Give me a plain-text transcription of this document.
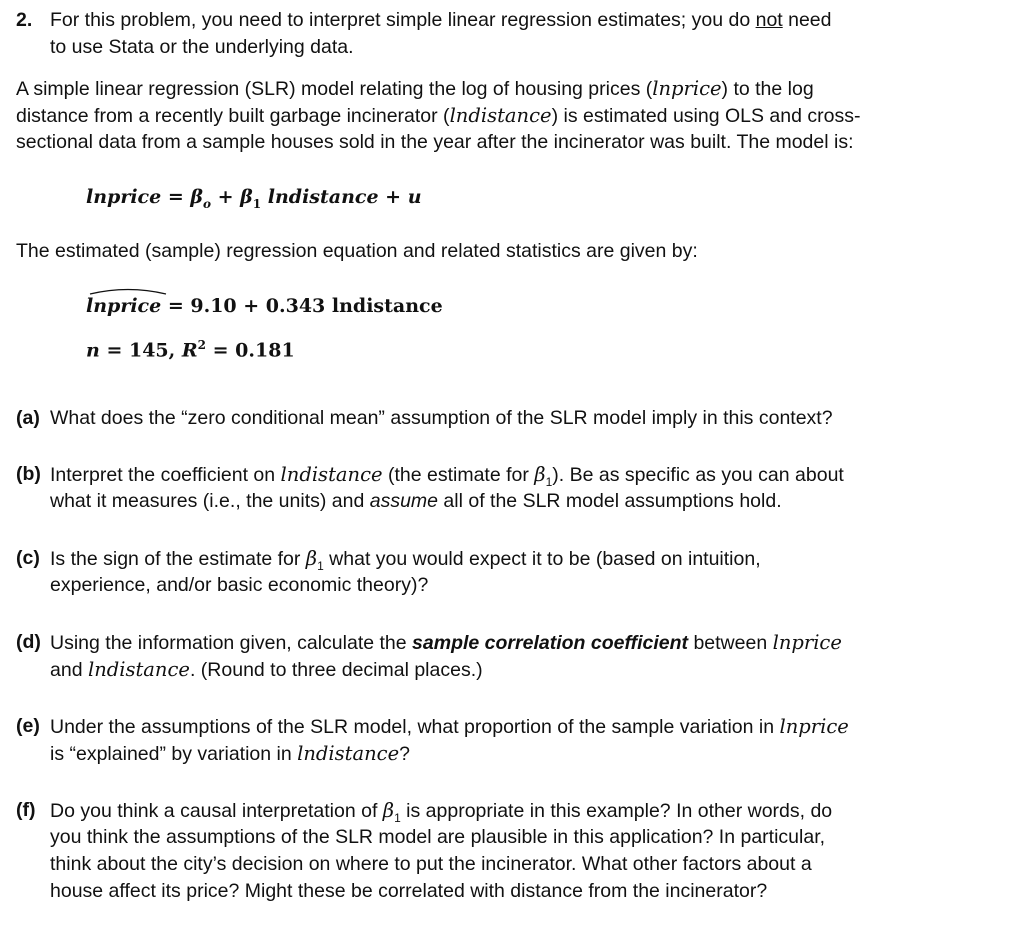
2. For this problem, you need to interpret simple linear regression estimates; you do not need
to use Stata or the underlying data.
A simple linear regression (SLR) model relating the log of housing prices (lnprice) to the log
distance from a recently built garbage incinerator (lndistance) is estimated using OLS and cross-
sectional data from a sample houses sold in the year after the incinerator was built. The model is:
lnprice = $\beta_o + \beta_1$ lndistance + u
The estimated (sample) regression equation and related statistics are given by:
lnprice = 9.10 + 0.343 lndistance
n = 145, $R^2 = 0.181$
(a) What does the “zero conditional mean” assumption of the SLR model imply in this context?
(b) Interpret the coefficient on lndistance (the estimate for $\beta_1$). Be as specific as you can about
what it measures (i.e., the units) and assume all of the SLR model assumptions hold.
(c) Is the sign of the estimate for $\beta_1$ what you would expect it to be (based on intuition,
experience, and/or basic economic theory)?
(d) Using the information given, calculate the sample correlation coefficient between lnprice
and lndistance. (Round to three decimal places.)
(e) Under the assumptions of the SLR model, what proportion of the sample variation in lnprice
is “explained” by variation in lndistance?
(f) Do you think a causal interpretation of $\beta_1$ is appropriate in this example? In other words, do
you think the assumptions of the SLR model are plausible in this application? In particular,
think about the city’s decision on where to put the incinerator. What other factors about a
house affect its price? Might these be correlated with distance from the incinerator?
